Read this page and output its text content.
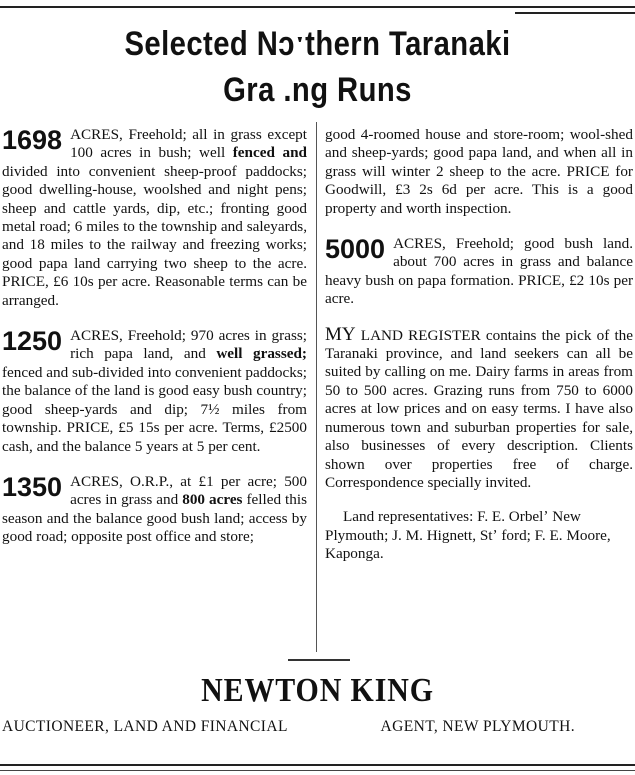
Selected Nɔˑthern Taranaki
Gra .ng Runs
1698 ACRES, Freehold; all in grass except 100 acres in bush; well fenced and divided into convenient sheep-proof paddocks; good dwelling-house, woolshed and night pens; sheep and cattle yards, dip, etc.; fronting good metal road; 6 miles to the township and saleyards, and 18 miles to the railway and freezing works; good papa land carrying two sheep to the acre. PRICE, £6 10s per acre. Reasonable terms can be arranged.
1250 ACRES, Freehold; 970 acres in grass; rich papa land, and well grassed; fenced and sub-divided into convenient paddocks; the balance of the land is good easy bush country; good sheep-yards and dip; 7½ miles from township. PRICE, £5 15s per acre. Terms, £2500 cash, and the balance 5 years at 5 per cent.
1350 ACRES, O.R.P., at £1 per acre; 500 acres in grass and 800 acres felled this season and the balance good bush land; access by good road; opposite post office and store;
good 4-roomed house and store-room; wool-shed and sheep-yards; good papa land, and when all in grass will winter 2 sheep to the acre. PRICE for Goodwill, £3 2s 6d per acre. This is a good property and worth inspection.
5000 ACRES, Freehold; good bush land. about 700 acres in grass and balance heavy bush on papa formation. PRICE, £2 10s per acre.
MY LAND REGISTER contains the pick of the Taranaki province, and land seekers can all be suited by calling on me. Dairy farms in areas from 50 to 500 acres. Grazing runs from 750 to 6000 acres at low prices and on easy terms. I have also numerous town and suburban properties for sale, also businesses of every description. Clients shown over properties free of charge. Correspondence specially invited.
Land representatives: F. E. Orbelʼ New Plymouth; J. M. Hignett, Stʼ ford; F. E. Moore, Kaponga.
NEWTON KING
AUCTIONEER, LAND AND FINANCIAL	AGENT, NEW PLYMOUTH.
